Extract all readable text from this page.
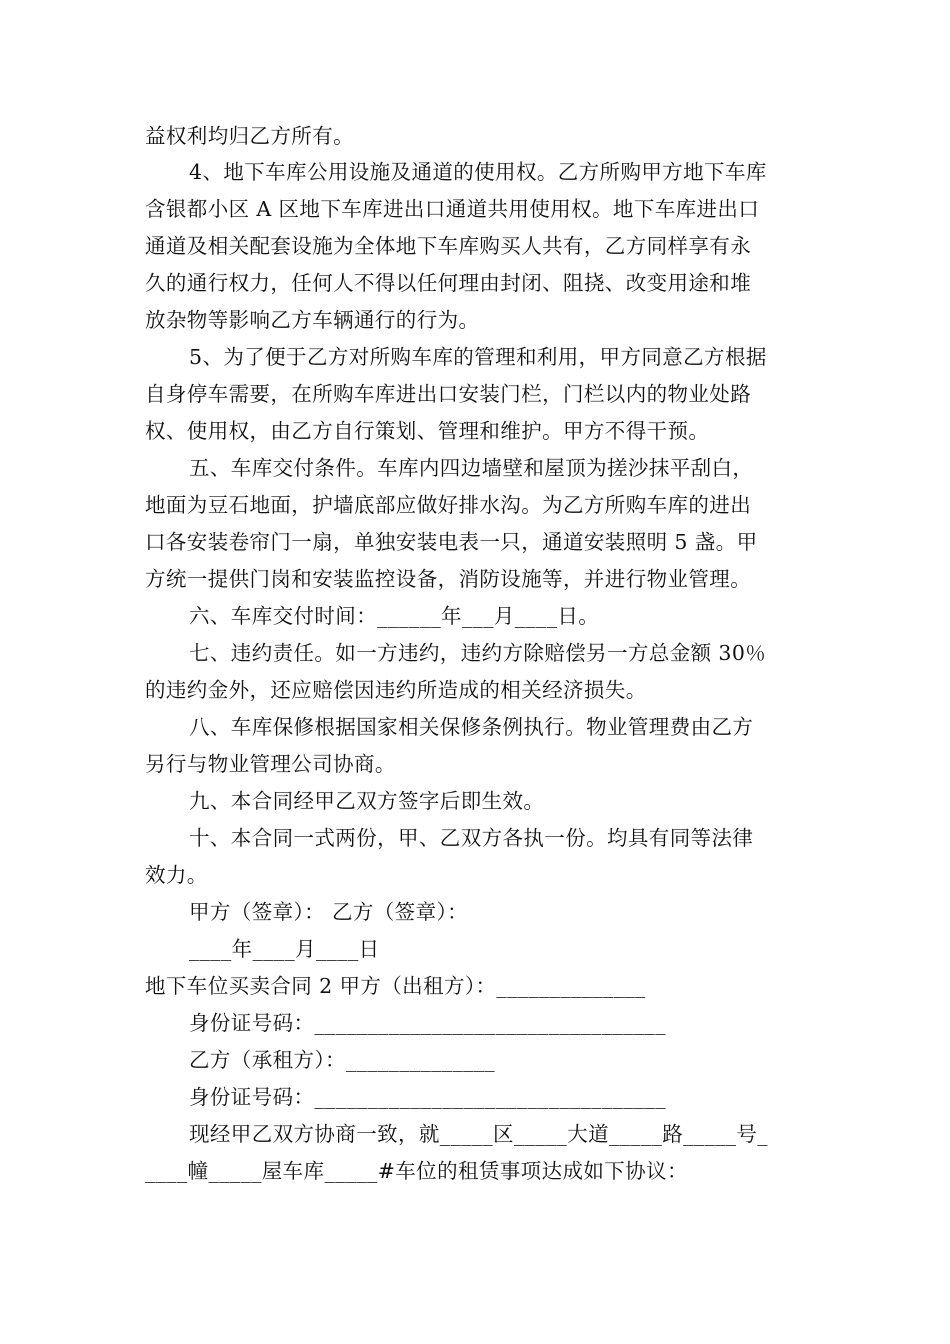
益权利均归乙方所有。
4、地下车库公用设施及通道的使用权。乙方所购甲方地下车库
含银都小区 A 区地下车库进出口通道共用使用权。地下车库进出口
通道及相关配套设施为全体地下车库购买人共有，乙方同样享有永
久的通行权力，任何人不得以任何理由封闭、阻挠、改变用途和堆
放杂物等影响乙方车辆通行的行为。
5、为了便于乙方对所购车库的管理和利用，甲方同意乙方根据
自身停车需要，在所购车库进出口安装门栏，门栏以内的物业处路
权、使用权，由乙方自行策划、管理和维护。甲方不得干预。
五、车库交付条件。车库内四边墙壁和屋顶为搓沙抹平刮白，
地面为豆石地面，护墙底部应做好排水沟。为乙方所购车库的进出
口各安装卷帘门一扇，单独安装电表一只，通道安装照明 5 盏。甲
方统一提供门岗和安装监控设备，消防设施等，并进行物业管理。
六、车库交付时间：______年___月____日。
七、违约责任。如一方违约，违约方除赔偿另一方总金额 30％
的违约金外，还应赔偿因违约所造成的相关经济损失。
八、车库保修根据国家相关保修条例执行。物业管理费由乙方
另行与物业管理公司协商。
九、本合同经甲乙双方签字后即生效。
十、本合同一式两份，甲、乙双方各执一份。均具有同等法律
效力。
甲方（签章）： 乙方（签章）：
____年____月____日
地下车位买卖合同 2 甲方（出租方）：______________
身份证号码：_________________________________
乙方（承租方）：______________
身份证号码：_________________________________
现经甲乙双方协商一致，就_____区_____大道_____路_____号_
____幢_____屋车库_____#车位的租赁事项达成如下协议：
